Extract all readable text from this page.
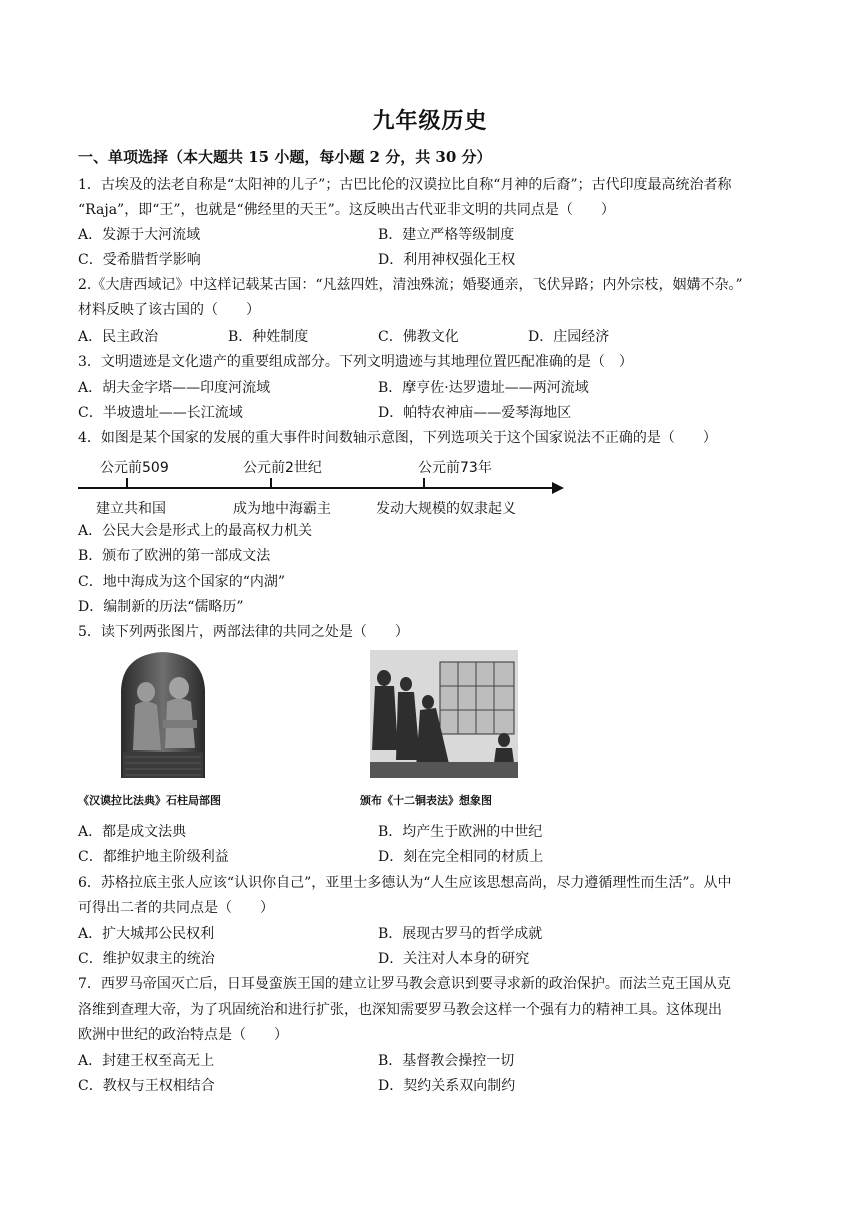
九年级历史
一、单项选择（本大题共 15 小题，每小题 2 分，共 30 分）
1．古埃及的法老自称是“太阳神的儿子”；古巴比伦的汉谟拉比自称“月神的后裔”；古代印度最高统治者称
“Raja”，即“王”，也就是“佛经里的天王”。这反映出古代亚非文明的共同点是（　　）
A．发源于大河流域	B．建立严格等级制度
C．受希腊哲学影响	D．利用神权强化王权
2.《大唐西域记》中这样记载某古国：“凡兹四姓，清浊殊流；婚娶通亲，飞伏异路；内外宗枝，姻媾不杂。”
材料反映了该古国的（　　）
A．民主政治	B．种姓制度	C．佛教文化	D．庄园经济
3．文明遗迹是文化遗产的重要组成部分。下列文明遗迹与其地理位置匹配准确的是（　）
A．胡夫金字塔——印度河流域	B．摩亨佐·达罗遗址——两河流域
C．半坡遗址——长江流域	D．帕特农神庙——爱琴海地区
4．如图是某个国家的发展的重大事件时间数轴示意图，下列选项关于这个国家说法不正确的是（　　）
公元前509	公元前2世纪	公元前73年
建立共和国	成为地中海霸主	发动大规模的奴隶起义
A．公民大会是形式上的最高权力机关
B．颁布了欧洲的第一部成文法
C．地中海成为这个国家的“内湖”
D．编制新的历法“儒略历”
5．读下列两张图片，两部法律的共同之处是（　　）
《汉谟拉比法典》石柱局部图	颁布《十二铜表法》想象图
A．都是成文法典	B．均产生于欧洲的中世纪
C．都维护地主阶级利益	D．刻在完全相同的材质上
6．苏格拉底主张人应该“认识你自己”，亚里士多德认为“人生应该思想高尚，尽力遵循理性而生活”。从中
可得出二者的共同点是（　　）
A．扩大城邦公民权利	B．展现古罗马的哲学成就
C．维护奴隶主的统治	D．关注对人本身的研究
7．西罗马帝国灭亡后，日耳曼蛮族王国的建立让罗马教会意识到要寻求新的政治保护。而法兰克王国从克
洛维到查理大帝，为了巩固统治和进行扩张，也深知需要罗马教会这样一个强有力的精神工具。这体现出
欧洲中世纪的政治特点是（　　）
A．封建王权至高无上	B．基督教会操控一切
C．教权与王权相结合	D．契约关系双向制约
